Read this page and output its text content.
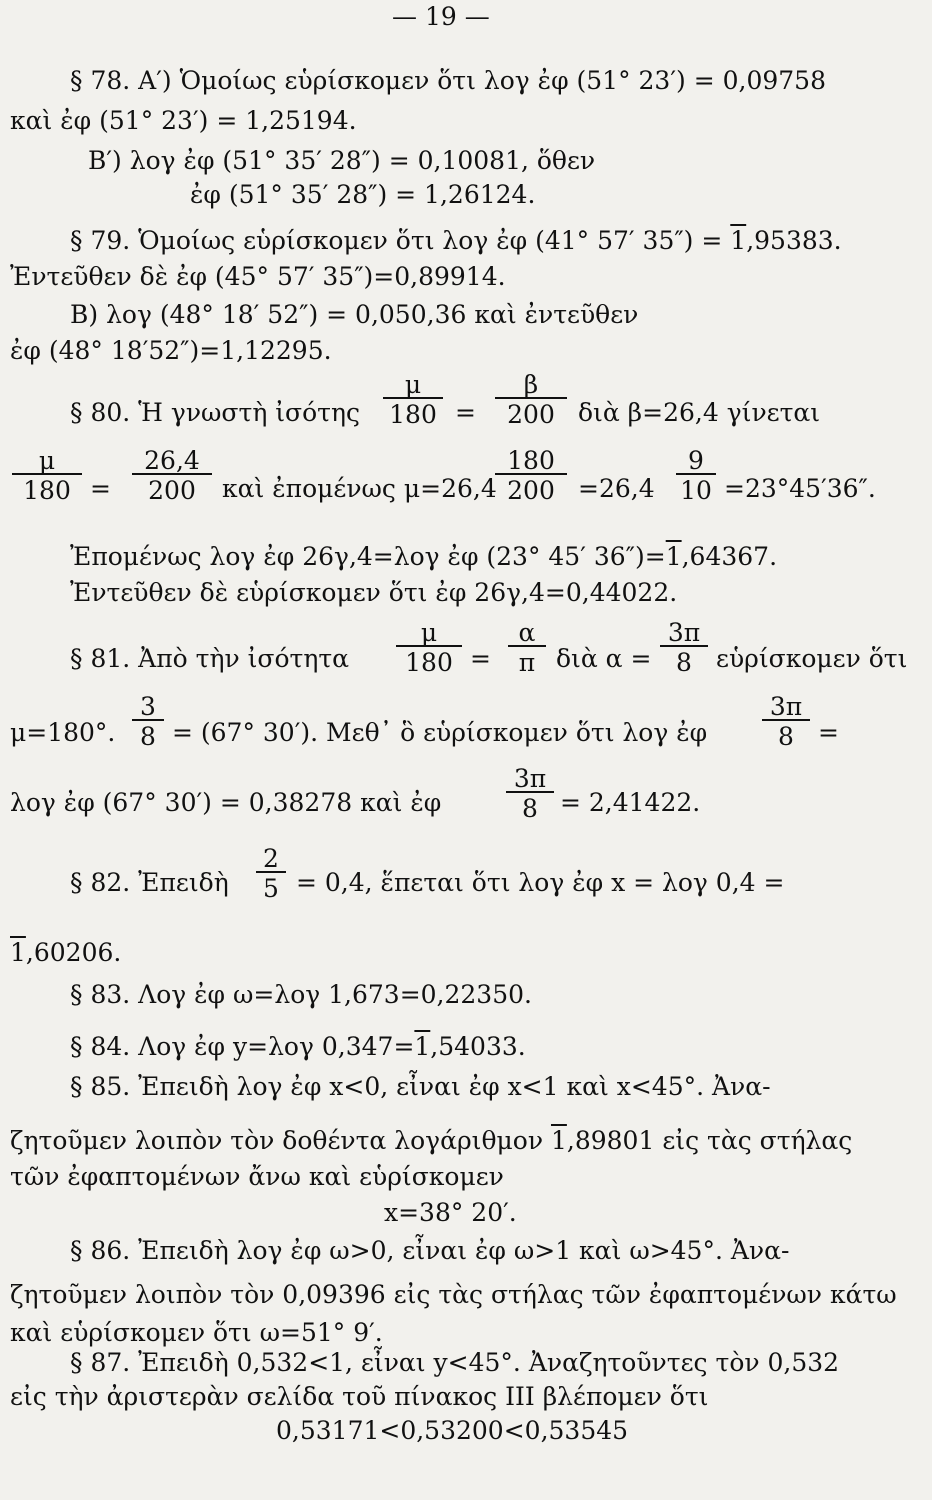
— 19 —
§ 78. Α′) Ὁμοίως εὑρίσκομεν ὅτι λογ ἐφ (51° 23′) = 0,09758
καὶ ἐφ (51° 23′) = 1,25194.
Β′) λογ ἐφ (51° 35′ 28″) = 0,10081, ὅθεν
ἐφ (51° 35′ 28″) = 1,26124.
§ 79. Ὁμοίως εὑρίσκομεν ὅτι λογ ἐφ (41° 57′ 35″) = 1,95383.
Ἐντεῦθεν δὲ ἐφ (45° 57′ 35″)=0,89914.
Β) λογ (48° 18′ 52″) = 0,050,36 καὶ ἐντεῦθεν
ἐφ (48° 18′52″)=1,12295.
§ 80. Ἡ γνωστὴ ἰσότης
μ
180 =
β
200 διὰ β=26,4 γίνεται
μ
180 =
26,4
200	καὶ ἐπομένως μ=26,4
180
200 =26,4
9
10 =23°45′36″.
Ἐπομένως λογ ἐφ 26γ,4=λογ ἐφ (23° 45′ 36″)=1,64367.
Ἐντεῦθεν δὲ εὑρίσκομεν ὅτι ἐφ 26γ,4=0,44022.
§ 81. Ἀπὸ τὴν ἰσότητα
μ
180 =
α
π διὰ α =
3π
8 εὑρίσκομεν ὅτι
μ=180°.
3
8 = (67° 30′). Μεθ᾽ ὃ εὑρίσκομεν ὅτι λογ ἐφ
3π
8 =
λογ ἐφ (67° 30′) = 0,38278 καὶ ἐφ
3π
8 = 2,41422.
§ 82. Ἐπειδὴ
2
5 = 0,4, ἕπεται ὅτι λογ ἐφ x = λογ 0,4 =
1,60206.
§ 83. Λογ ἐφ ω=λογ 1,673=0,22350.
§ 84. Λογ ἐφ y=λογ 0,347=1,54033.
§ 85. Ἐπειδὴ λογ ἐφ x<0, εἶναι ἐφ x<1 καὶ x<45°. Ἀνα-
ζητοῦμεν λοιπὸν τὸν δοθέντα λογάριθμον 1,89801 εἰς τὰς στήλας
τῶν ἐφαπτομένων ἄνω καὶ εὑρίσκομεν
x=38° 20′.
§ 86. Ἐπειδὴ λογ ἐφ ω>0, εἶναι ἐφ ω>1 καὶ ω>45°. Ἀνα-
ζητοῦμεν λοιπὸν τὸν 0,09396 εἰς τὰς στήλας τῶν ἐφαπτομένων κάτω
καὶ εὑρίσκομεν ὅτι ω=51° 9′.
§ 87. Ἐπειδὴ 0,532<1, εἶναι y<45°. Ἀναζητοῦντες τὸν 0,532
εἰς τὴν ἀριστερὰν σελίδα τοῦ πίνακος ΙΙΙ βλέπομεν ὅτι
0,53171<0,53200<0,53545
